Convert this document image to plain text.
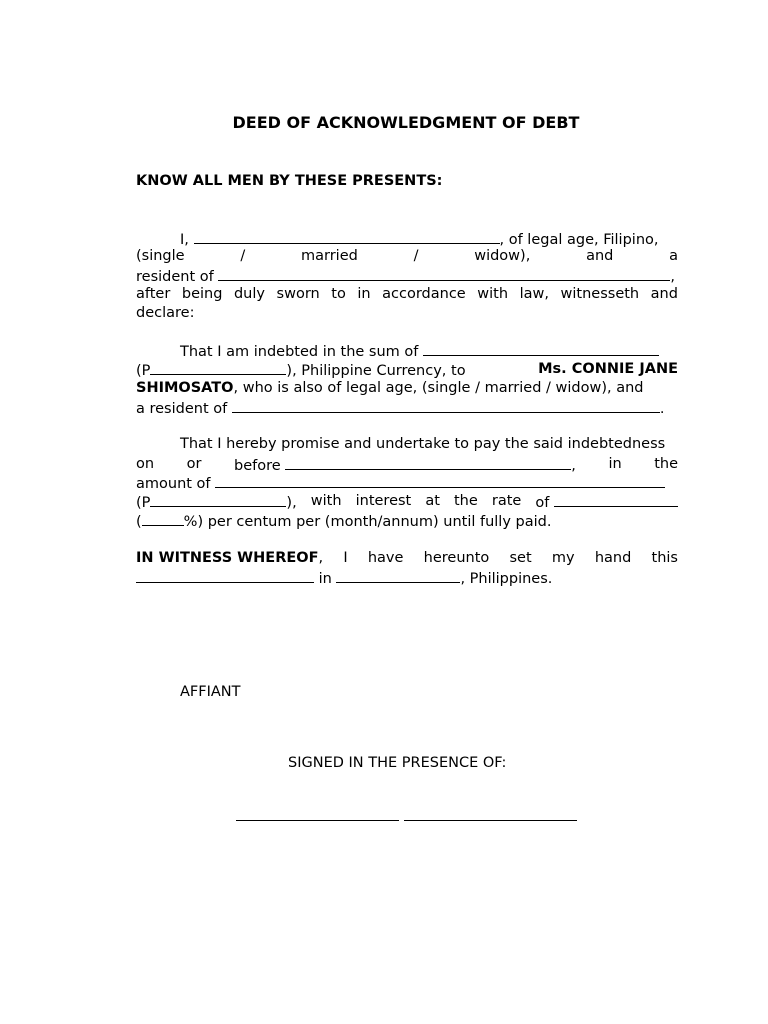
DEED OF ACKNOWLEDGMENT OF DEBT
KNOW ALL MEN BY THESE PRESENTS:
I,	, of legal age, Filipino,
(single	/	married	/	widow),	and	a
resident of	,
after being duly sworn to in accordance with law, witnesseth and
declare:
That I am indebted in the sum of
(P	), Philippine Currency, to	Ms. CONNIE JANE
SHIMOSATO, who is also of legal age, (single / married / widow), and
a resident of	.
That I hereby promise and undertake to pay the said indebtedness
on or before	, in the
amount of
(P	), with interest at the rate of
(	%) per centum per (month/annum) until fully paid.
IN WITNESS WHEREOF, I have hereunto set my hand this
in	, Philippines.
AFFIANT
SIGNED IN THE PRESENCE OF:
